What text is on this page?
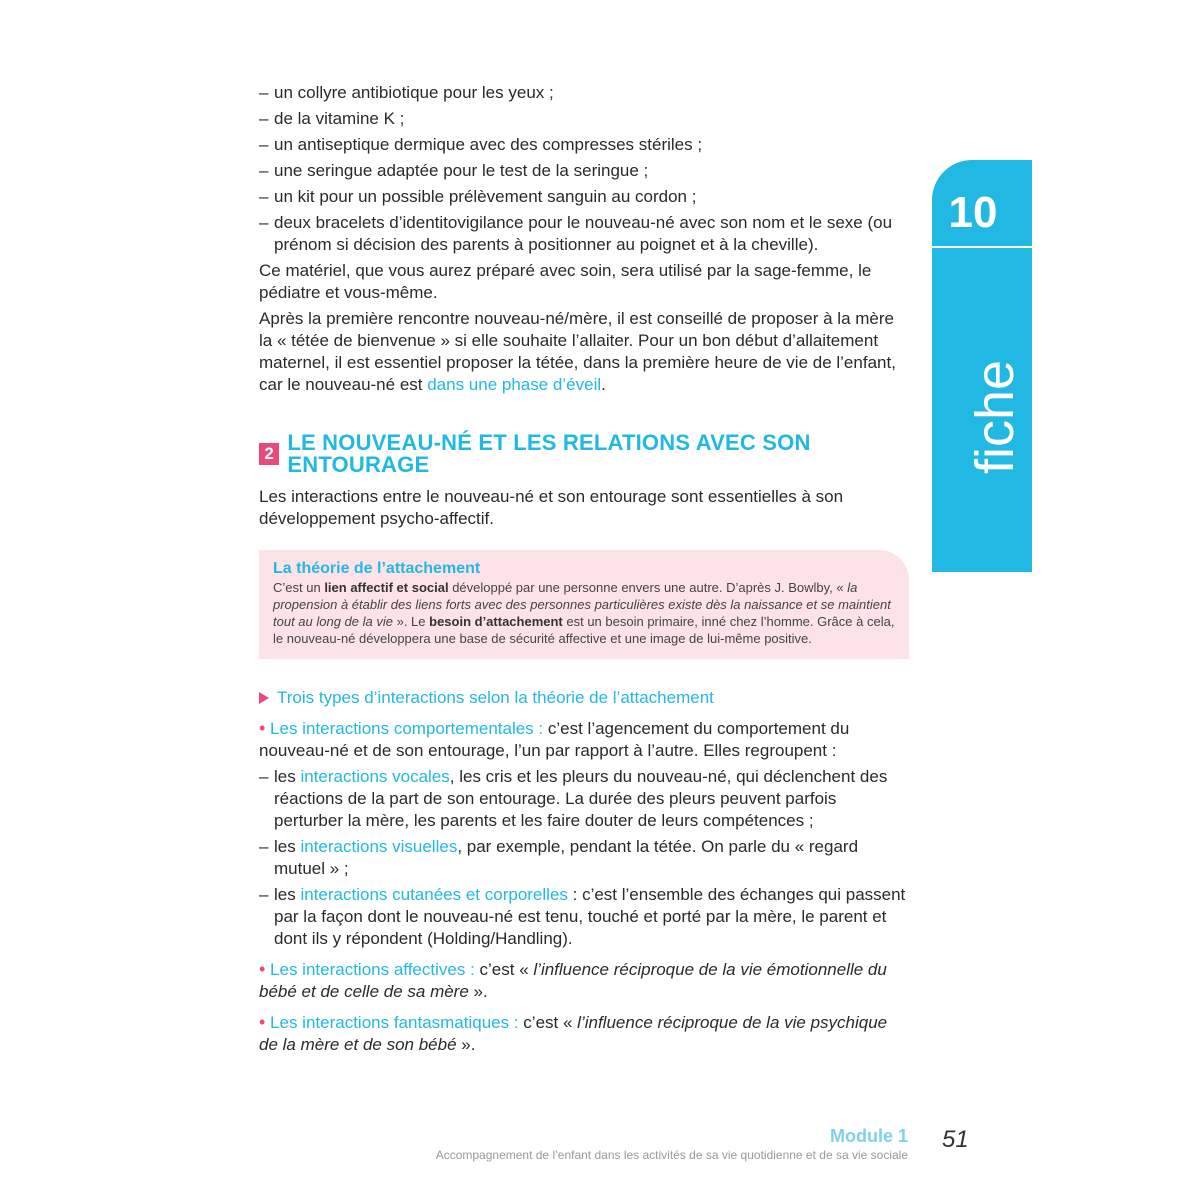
– un collyre antibiotique pour les yeux ;
– de la vitamine K ;
– un antiseptique dermique avec des compresses stériles ;
– une seringue adaptée pour le test de la seringue ;
– un kit pour un possible prélèvement sanguin au cordon ;
– deux bracelets d’identitovigilance pour le nouveau-né avec son nom et le sexe (ou prénom si décision des parents à positionner au poignet et à la cheville).

Ce matériel, que vous aurez préparé avec soin, sera utilisé par la sage-femme, le pédiatre et vous-même.

Après la première rencontre nouveau-né/mère, il est conseillé de proposer à la mère la « tétée de bienvenue » si elle souhaite l’allaiter. Pour un bon début d’allaitement maternel, il est essentiel proposer la tétée, dans la première heure de vie de l’enfant, car le nouveau-né est dans une phase d’éveil.

2 LE NOUVEAU-NÉ ET LES RELATIONS AVEC SON ENTOURAGE

Les interactions entre le nouveau-né et son entourage sont essentielles à son développement psycho-affectif.

La théorie de l’attachement
C’est un lien affectif et social développé par une personne envers une autre. D’après J. Bowlby, « la propension à établir des liens forts avec des personnes particulières existe dès la naissance et se maintient tout au long de la vie ». Le besoin d’attachement est un besoin primaire, inné chez l’homme. Grâce à cela, le nouveau-né développera une base de sécurité affective et une image de lui-même positive.
Trois types d’interactions selon la théorie de l’attachement

• Les interactions comportementales : c’est l’agencement du comportement du nouveau-né et de son entourage, l’un par rapport à l’autre. Elles regroupent :

– les interactions vocales, les cris et les pleurs du nouveau-né, qui déclenchent des réactions de la part de son entourage. La durée des pleurs peuvent parfois perturber la mère, les parents et les faire douter de leurs compétences ;
– les interactions visuelles, par exemple, pendant la tétée. On parle du « regard mutuel » ;
– les interactions cutanées et corporelles : c’est l’ensemble des échanges qui passent par la façon dont le nouveau-né est tenu, touché et porté par la mère, le parent et dont ils y répondent (Holding/Handling).

• Les interactions affectives : c’est « l’influence réciproque de la vie émotionnelle du bébé et de celle de sa mère ».

• Les interactions fantasmatiques : c’est « l’influence réciproque de la vie psychique de la mère et de son bébé ».

10
fiche
Module 1
Accompagnement de l’enfant dans les activités de sa vie quotidienne et de sa vie sociale
51
